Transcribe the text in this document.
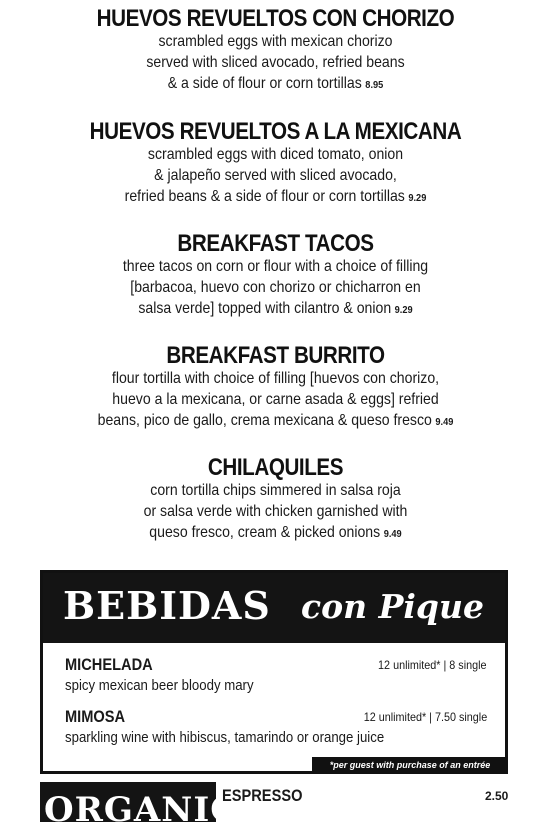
HUEVOS REVUELTOS CON CHORIZO
scrambled eggs with mexican chorizo
served with sliced avocado, refried beans
& a side of flour or corn tortillas 8.95
HUEVOS REVUELTOS A LA MEXICANA
scrambled eggs with diced tomato, onion
& jalapeño served with sliced avocado,
refried beans & a side of flour or corn tortillas 9.29
BREAKFAST TACOS
three tacos on corn or flour with a choice of filling
[barbacoa, huevo con chorizo or chicharron en
salsa verde] topped with cilantro & onion 9.29
BREAKFAST BURRITO
flour tortilla with choice of filling [huevos con chorizo,
huevo a la mexicana, or carne asada & eggs] refried
beans, pico de gallo, crema mexicana & queso fresco 9.49
CHILAQUILES
corn tortilla chips simmered in salsa roja
or salsa verde with chicken garnished with
queso fresco, cream & picked onions 9.49
BEBIDAS con Pique
MICHELADA	12 unlimited* | 8 single
spicy mexican beer bloody mary
MIMOSA	12 unlimited* | 7.50 single
sparkling wine with hibiscus, tamarindo or orange juice
*per guest with purchase of an entrée
ORGANIC
ESPRESSO	2.50
